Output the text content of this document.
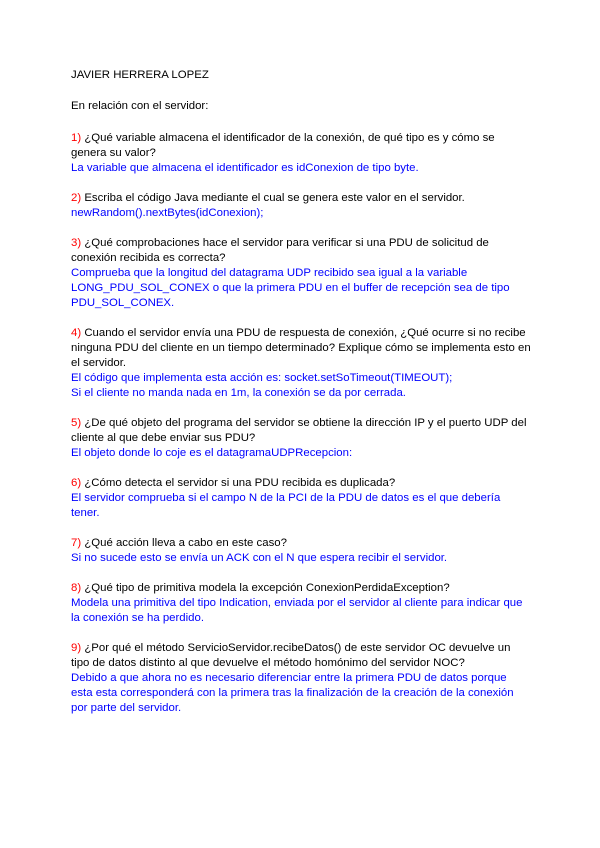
JAVIER HERRERA LOPEZ

En relación con el servidor:

1) ¿Qué variable almacena el identificador de la conexión, de qué tipo es y cómo se genera su valor?

La variable que almacena el identificador es idConexion de tipo byte.

2) Escriba el código Java mediante el cual se genera este valor en el servidor.

newRandom().nextBytes(idConexion);

3) ¿Qué comprobaciones hace el servidor para verificar si una PDU de solicitud de conexión recibida es correcta?

Comprueba que la longitud del datagrama UDP recibido sea igual a la variable LONG_PDU_SOL_CONEX o que la primera PDU en el buffer de recepción sea de tipo PDU_SOL_CONEX.

4) Cuando el servidor envía una PDU de respuesta de conexión, ¿Qué ocurre si no recibe ninguna PDU del cliente en un tiempo determinado? Explique cómo se implementa esto en el servidor.

El código que implementa esta acción es: socket.setSoTimeout(TIMEOUT);

Si el cliente no manda nada en 1m, la conexión se da por cerrada.

5) ¿De qué objeto del programa del servidor se obtiene la dirección IP y el puerto UDP del cliente al que debe enviar sus PDU?

El objeto donde lo coje es el datagramaUDPRecepcion:

6) ¿Cómo detecta el servidor si una PDU recibida es duplicada?

El servidor comprueba si el campo N de la PCI de la PDU de datos es el que debería tener.

7) ¿Qué acción lleva a cabo en este caso?

Si no sucede esto se envía un ACK con el N que espera recibir el servidor.

8) ¿Qué tipo de primitiva modela la excepción ConexionPerdidaException?

Modela una primitiva del tipo Indication, enviada por el servidor al cliente para indicar que la conexión se ha perdido.

9) ¿Por qué el método ServicioServidor.recibeDatos() de este servidor OC devuelve un tipo de datos distinto al que devuelve el método homónimo del servidor NOC?

Debido a que ahora no es necesario diferenciar entre la primera PDU de datos porque esta esta corresponderá con la primera tras la finalización de la creación de la conexión por parte del servidor.
